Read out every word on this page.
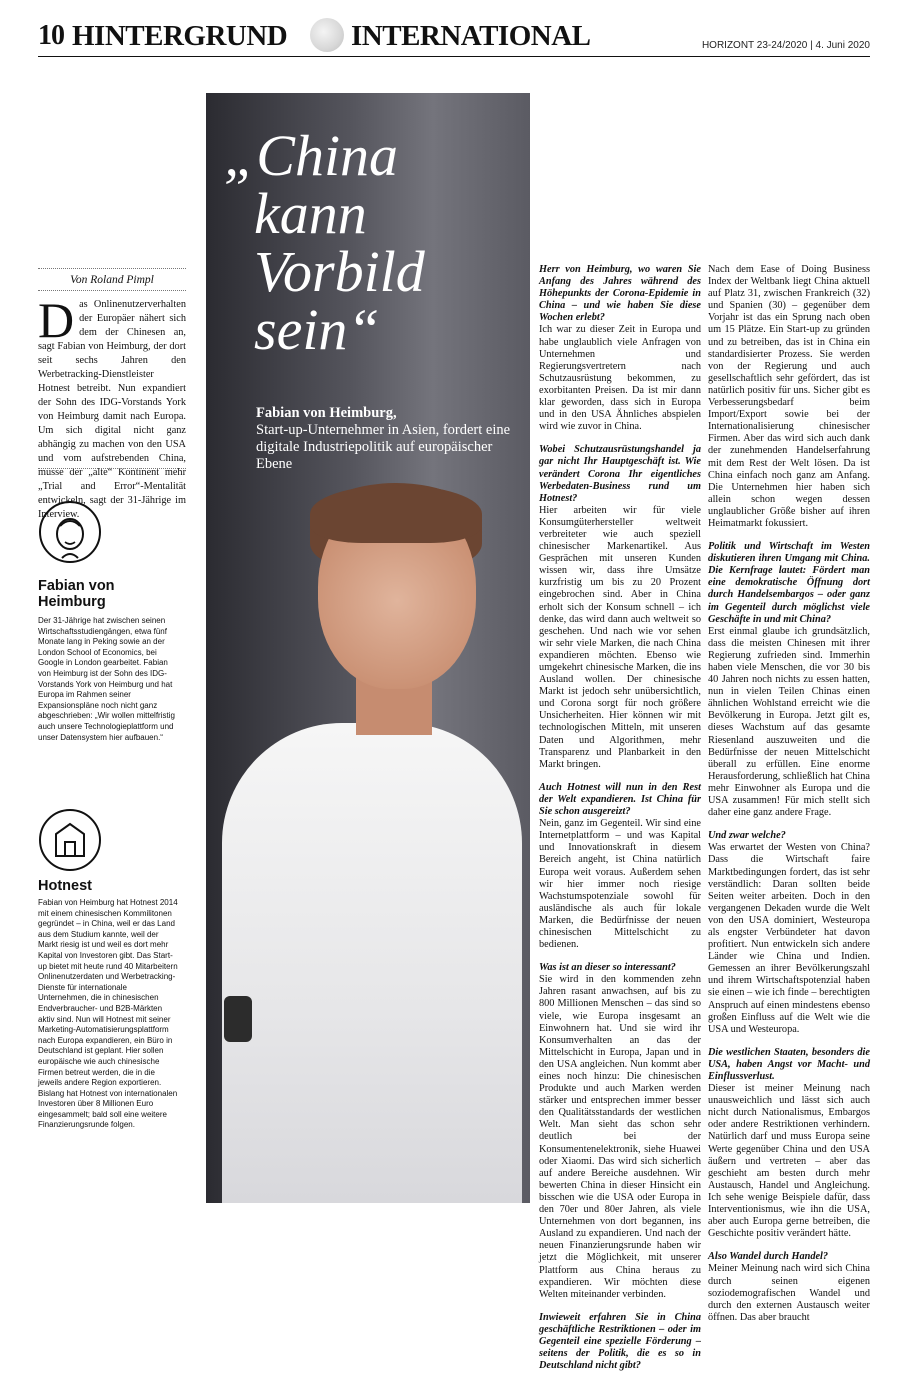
10 HINTERGRUND INTERNATIONAL	HORIZONT 23-24/2020 | 4. Juni 2020
„China
kann
Vorbild
sein“
Fabian von Heimburg,
Start-up-Unternehmer in Asien, fordert eine digitale Industriepolitik auf europäischer Ebene
Von Roland Pimpl
Das Onlinenutzerverhalten der Europäer nähert sich dem der Chinesen an, sagt Fabian von Heimburg, der dort seit sechs Jahren den Werbetracking-Dienstleister Hotnest betreibt. Nun expandiert der Sohn des IDG-Vorstands York von Heimburg damit nach Europa. Um sich digital nicht ganz abhängig zu machen von den USA und vom aufstrebenden China, müsse der „alte“ Kontinent mehr „Trial and Error“-Mentalität entwickeln, sagt der 31-Jährige im Interview.
Fabian von Heimburg
Der 31-Jährige hat zwischen seinen Wirtschaftsstudiengängen, etwa fünf Monate lang in Peking sowie an der London School of Economics, bei Google in London gearbeitet. Fabian von Heimburg ist der Sohn des IDG-Vorstands York von Heimburg und hat Europa im Rahmen seiner Expansionspläne noch nicht ganz abgeschrieben: „Wir wollen mittelfristig auch unsere Technologieplattform und unser Datensystem hier aufbauen.“
Hotnest
Fabian von Heimburg hat Hotnest 2014 mit einem chinesischen Kommilitonen gegründet – in China, weil er das Land aus dem Studium kannte, weil der Markt riesig ist und weil es dort mehr Kapital von Investoren gibt. Das Start-up bietet mit heute rund 40 Mitarbeitern Onlinenutzerdaten und Werbetracking-Dienste für internationale Unternehmen, die in chinesischen Endverbraucher- und B2B-Märkten aktiv sind. Nun will Hotnest mit seiner Marketing-Automatisierungsplattform nach Europa expandieren, ein Büro in Deutschland ist geplant. Hier sollen europäische wie auch chinesische Firmen betreut werden, die in die jeweils andere Region exportieren. Bislang hat Hotnest von internationalen Investoren über 8 Millionen Euro eingesammelt; bald soll eine weitere Finanzierungsrunde folgen.

Herr von Heimburg, wo waren Sie Anfang des Jahres während des Höhepunkts der Corona-Epidemie in China – und wie haben Sie diese Wochen erlebt?
Ich war zu dieser Zeit in Europa und habe unglaublich viele Anfragen von Unternehmen und Regierungsvertretern nach Schutzausrüstung bekommen, zu exorbitanten Preisen. Da ist mir dann klar geworden, dass sich in Europa und in den USA Ähnliches abspielen wird wie zuvor in China.

Wobei Schutzausrüstungshandel ja gar nicht Ihr Hauptgeschäft ist. Wie verändert Corona Ihr eigentliches Werbedaten-Business rund um Hotnest?
Hier arbeiten wir für viele Konsumgüterhersteller weltweit verbreiteter wie auch speziell chinesischer Markenartikel. Aus Gesprächen mit unseren Kunden wissen wir, dass ihre Umsätze kurzfristig um bis zu 20 Prozent eingebrochen sind. Aber in China erholt sich der Konsum schnell – ich denke, das wird dann auch weltweit so geschehen. Und nach wie vor sehen wir sehr viele Marken, die nach China expandieren möchten. Ebenso wie umgekehrt chinesische Marken, die ins Ausland wollen. Der chinesische Markt ist jedoch sehr unübersichtlich, und Corona sorgt für noch größere Unsicherheiten. Hier können wir mit technologischen Mitteln, mit unseren Daten und Algorithmen, mehr Transparenz und Planbarkeit in den Markt bringen.

Auch Hotnest will nun in den Rest der Welt expandieren. Ist China für Sie schon ausgereizt?
Nein, ganz im Gegenteil. Wir sind eine Internetplattform – und was Kapital und Innovationskraft in diesem Bereich angeht, ist China natürlich Europa weit voraus. Außerdem sehen wir hier immer noch riesige Wachstumspotenziale sowohl für ausländische als auch für lokale Marken, die Bedürfnisse der neuen chinesischen Mittelschicht zu bedienen.

Was ist an dieser so interessant?
Sie wird in den kommenden zehn Jahren rasant anwachsen, auf bis zu 800 Millionen Menschen – das sind so viele, wie Europa insgesamt an Einwohnern hat. Und sie wird ihr Konsumverhalten an das der Mittelschicht in Europa, Japan und in den USA angleichen. Nun kommt aber eines noch hinzu: Die chinesischen Produkte und auch Marken werden stärker und entsprechen immer besser den Qualitätsstandards der westlichen Welt. Man sieht das schon sehr deutlich bei der Konsumentenelektronik, siehe Huawei oder Xiaomi. Das wird sich sicherlich auf andere Bereiche ausdehnen. Wir bewerten China in dieser Hinsicht ein bisschen wie die USA oder Europa in den 70er und 80er Jahren, als viele Unternehmen von dort begannen, ins Ausland zu expandieren. Und nach der neuen Finanzierungsrunde haben wir jetzt die Möglichkeit, mit unserer Plattform aus China heraus zu expandieren. Wir möchten diese Welten miteinander verbinden.

Inwieweit erfahren Sie in China geschäftliche Restriktionen – oder im Gegenteil eine spezielle Förderung – seitens der Politik, die es so in Deutschland nicht gibt?

Nach dem Ease of Doing Business Index der Weltbank liegt China aktuell auf Platz 31, zwischen Frankreich (32) und Spanien (30) – gegenüber dem Vorjahr ist das ein Sprung nach oben um 15 Plätze. Ein Start-up zu gründen und zu betreiben, das ist in China ein standardisierter Prozess. Sie werden von der Regierung und auch gesellschaftlich sehr gefördert, das ist natürlich positiv für uns. Sicher gibt es Verbesserungsbedarf beim Import/Export sowie bei der Internationalisierung chinesischer Firmen. Aber das wird sich auch dank der zunehmenden Handelserfahrung mit dem Rest der Welt lösen. Da ist China einfach noch ganz am Anfang. Die Unternehmen hier haben sich allein schon wegen dessen unglaublicher Größe bisher auf ihren Heimatmarkt fokussiert.

Politik und Wirtschaft im Westen diskutieren ihren Umgang mit China. Die Kernfrage lautet: Fördert man eine demokratische Öffnung dort durch Handelsembargos – oder ganz im Gegenteil durch möglichst viele Geschäfte in und mit China?
Erst einmal glaube ich grundsätzlich, dass die meisten Chinesen mit ihrer Regierung zufrieden sind. Immerhin haben viele Menschen, die vor 30 bis 40 Jahren noch nichts zu essen hatten, nun in vielen Teilen Chinas einen ähnlichen Wohlstand erreicht wie die Bevölkerung in Europa. Jetzt gilt es, dieses Wachstum auf das gesamte Riesenland auszuweiten und die Bedürfnisse der neuen Mittelschicht überall zu erfüllen. Eine enorme Herausforderung, schließlich hat China mehr Einwohner als Europa und die USA zusammen! Für mich stellt sich daher eine ganz andere Frage.

Und zwar welche?
Was erwartet der Westen von China? Dass die Wirtschaft faire Marktbedingungen fordert, das ist sehr verständlich: Daran sollten beide Seiten weiter arbeiten. Doch in den vergangenen Dekaden wurde die Welt von den USA dominiert, Westeuropa als engster Verbündeter hat davon profitiert. Nun entwickeln sich andere Länder wie China und Indien. Gemessen an ihrer Bevölkerungszahl und ihrem Wirtschaftspotenzial haben sie einen – wie ich finde – berechtigten Anspruch auf einen mindestens ebenso großen Einfluss auf die Welt wie die USA und Westeuropa.

Die westlichen Staaten, besonders die USA, haben Angst vor Macht- und Einflussverlust.
Dieser ist meiner Meinung nach unausweichlich und lässt sich auch nicht durch Nationalismus, Embargos oder andere Restriktionen verhindern. Natürlich darf und muss Europa seine Werte gegenüber China und den USA äußern und vertreten – aber das geschieht am besten durch mehr Austausch, Handel und Angleichung. Ich sehe wenige Beispiele dafür, dass Interventionismus, wie ihn die USA, aber auch Europa gerne betreiben, die Geschichte positiv verändert hätte.

Also Wandel durch Handel?
Meiner Meinung nach wird sich China durch seinen eigenen soziodemografischen Wandel und durch den externen Austausch weiter öffnen. Das aber braucht
